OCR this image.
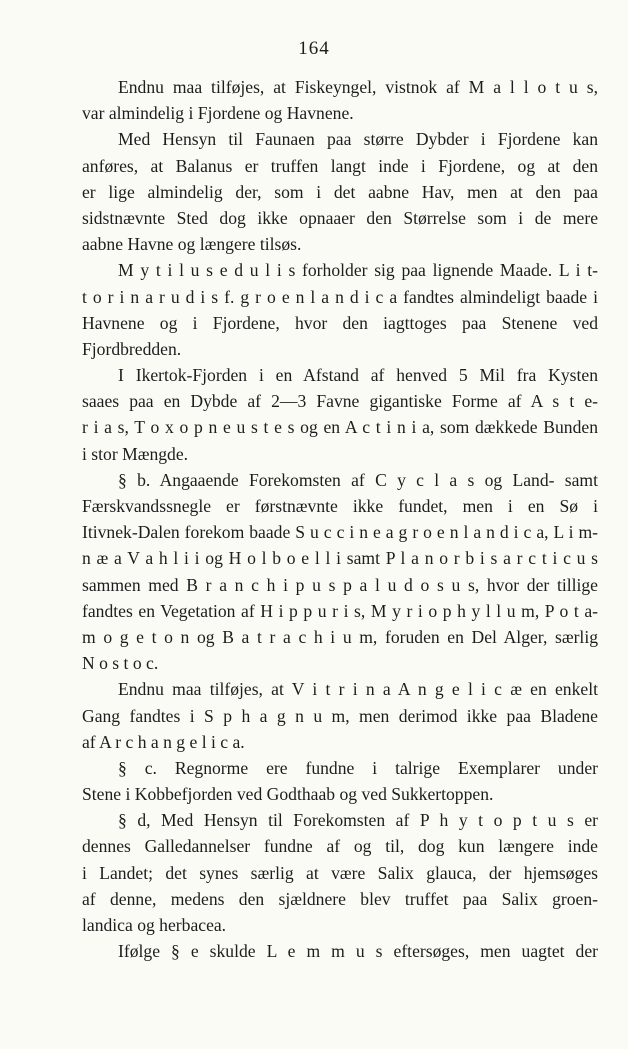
164
Endnu maa tilføjes, at Fiskeyngel, vistnok af M a l l o t u s,
var almindelig i Fjordene og Havnene.
Med Hensyn til Faunaen paa større Dybder i Fjordene kan
anføres, at Balanus er truffen langt inde i Fjordene, og at den
er lige almindelig der, som i det aabne Hav, men at den paa
sidstnævnte Sted dog ikke opnaaer den Størrelse som i de mere
aabne Havne og længere tilsøs.
M y t i l u s e d u l i s forholder sig paa lignende Maade. L i t-
t o r i n a r u d i s f. g r o e n l a n d i c a fandtes almindeligt baade i
Havnene og i Fjordene, hvor den iagttoges paa Stenene ved
Fjordbredden.
I Ikertok-Fjorden i en Afstand af henved 5 Mil fra Kysten
saaes paa en Dybde af 2—3 Favne gigantiske Forme af A s t e-
r i a s, T o x o p n e u s t e s og en A c t i n i a, som dækkede Bunden
i stor Mængde.
§ b. Angaaende Forekomsten af C y c l a s og Land- samt
Færskvandssnegle er førstnævnte ikke fundet, men i en Sø i
Itivnek-Dalen forekom baade S u c c i n e a g r o e n l a n d i c a, L i m-
n æ a V a h l i i og H o l b o e l l i samt P l a n o r b i s a r c t i c u s
sammen med B r a n c h i p u s p a l u d o s u s, hvor der tillige
fandtes en Vegetation af H i p p u r i s, M y r i o p h y l l u m, P o t a-
m o g e t o n og B a t r a c h i u m, foruden en Del Alger, særlig
N o s t o c.
Endnu maa tilføjes, at V i t r i n a A n g e l i c æ en enkelt
Gang fandtes i S p h a g n u m, men derimod ikke paa Bladene
af A r c h a n g e l i c a.
§ c. Regnorme ere fundne i talrige Exemplarer under
Stene i Kobbefjorden ved Godthaab og ved Sukkertoppen.
§ d, Med Hensyn til Forekomsten af P h y t o p t u s er
dennes Galledannelser fundne af og til, dog kun længere inde
i Landet; det synes særlig at være Salix glauca, der hjemsøges
af denne, medens den sjældnere blev truffet paa Salix groen-
landica og herbacea.
Ifølge § e skulde L e m m u s eftersøges, men uagtet der
